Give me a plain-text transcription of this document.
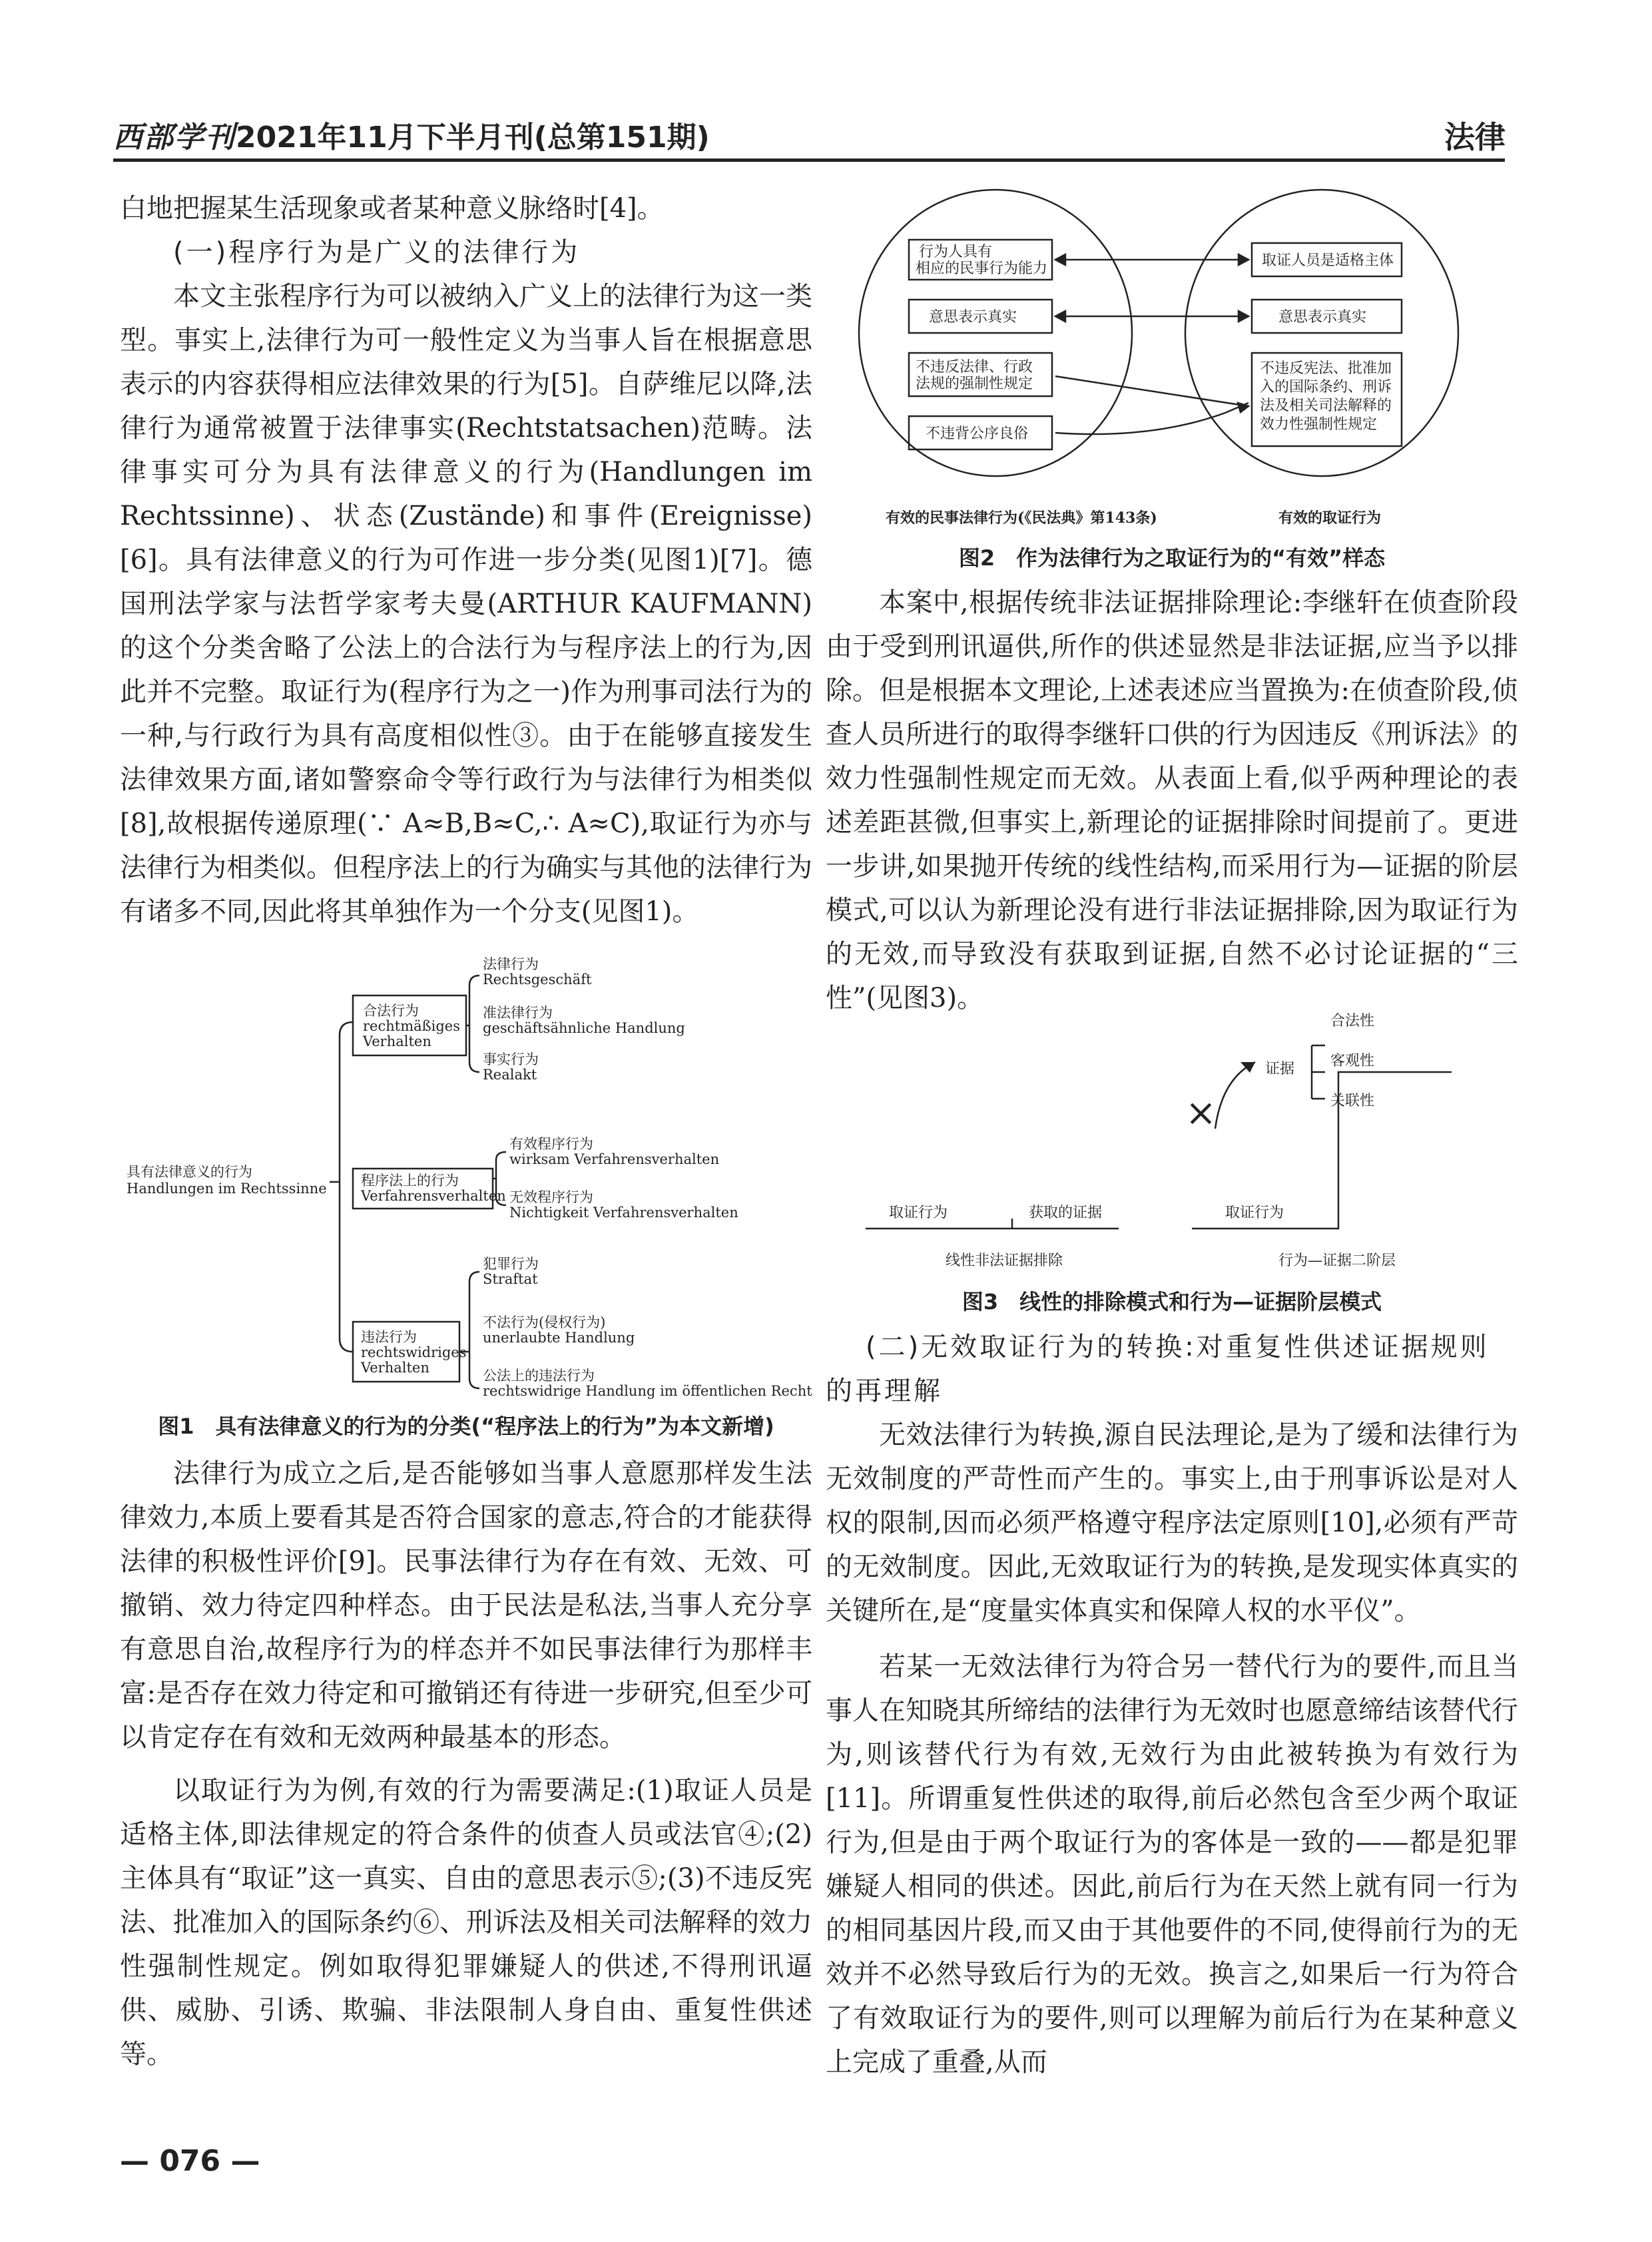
西部学刊2021年11月下半月刊(总第151期)	法律

白地把握某生活现象或者某种意义脉络时[4]。

(一)程序行为是广义的法律行为

本文主张程序行为可以被纳入广义上的法律行为这一类型。事实上,法律行为可一般性定义为当事人旨在根据意思表示的内容获得相应法律效果的行为[5]。自萨维尼以降,法律行为通常被置于法律事实(Rechtstatsachen)范畴。法律事实可分为具有法律意义的行为(Handlungen im Rechtssinne)、状态(Zustände)和事件(Ereignisse)[6]。具有法律意义的行为可作进一步分类(见图1)[7]。德国刑法学家与法哲学家考夫曼(ARTHUR KAUFMANN)的这个分类舍略了公法上的合法行为与程序法上的行为,因此并不完整。取证行为(程序行为之一)作为刑事司法行为的一种,与行政行为具有高度相似性③。由于在能够直接发生法律效果方面,诸如警察命令等行政行为与法律行为相类似[8],故根据传递原理(∵ A≈B,B≈C,∴ A≈C),取证行为亦与法律行为相类似。但程序法上的行为确实与其他的法律行为有诸多不同,因此将其单独作为一个分支(见图1)。

具有法律意义的行为
Handlungen im Rechtssinne
合法行为
rechtmäßiges
Verhalten
程序法上的行为
Verfahrensverhalten
违法行为
rechtswidriges
Verhalten
法律行为
Rechtsgeschäft
准法律行为
geschäftsähnliche Handlung
事实行为
Realakt
有效程序行为
wirksam Verfahrensverhalten
无效程序行为
Nichtigkeit Verfahrensverhalten
犯罪行为
Straftat
不法行为(侵权行为)
unerlaubte Handlung
公法上的违法行为
rechtswidrige Handlung im öffentlichen Recht
图1　具有法律意义的行为的分类(“程序法上的行为”为本文新增)

法律行为成立之后,是否能够如当事人意愿那样发生法律效力,本质上要看其是否符合国家的意志,符合的才能获得法律的积极性评价[9]。民事法律行为存在有效、无效、可撤销、效力待定四种样态。由于民法是私法,当事人充分享有意思自治,故程序行为的样态并不如民事法律行为那样丰富:是否存在效力待定和可撤销还有待进一步研究,但至少可以肯定存在有效和无效两种最基本的形态。

以取证行为为例,有效的行为需要满足:(1)取证人员是适格主体,即法律规定的符合条件的侦查人员或法官④;(2)主体具有“取证”这一真实、自由的意思表示⑤;(3)不违反宪法、批准加入的国际条约⑥、刑诉法及相关司法解释的效力性强制性规定。例如取得犯罪嫌疑人的供述,不得刑讯逼供、威胁、引诱、欺骗、非法限制人身自由、重复性供述等。

行为人具有
相应的民事行为能力
意思表示真实
不违反法律、行政
法规的强制性规定
不违背公序良俗
取证人员是适格主体
意思表示真实
不违反宪法、批准加
入的国际条约、刑诉
法及相关司法解释的
效力性强制性规定
有效的民事法律行为(《民法典》第143条)	有效的取证行为
图2　作为法律行为之取证行为的“有效”样态

本案中,根据传统非法证据排除理论:李继轩在侦查阶段由于受到刑讯逼供,所作的供述显然是非法证据,应当予以排除。但是根据本文理论,上述表述应当置换为:在侦查阶段,侦查人员所进行的取得李继轩口供的行为因违反《刑诉法》的效力性强制性规定而无效。从表面上看,似乎两种理论的表述差距甚微,但事实上,新理论的证据排除时间提前了。更进一步讲,如果抛开传统的线性结构,而采用行为—证据的阶层模式,可以认为新理论没有进行非法证据排除,因为取证行为的无效,而导致没有获取到证据,自然不必讨论证据的“三性”(见图3)。

证据
合法性
客观性
关联性
取证行为	获取的证据	取证行为
线性非法证据排除	行为—证据二阶层
×
图3　线性的排除模式和行为—证据阶层模式

(二)无效取证行为的转换:对重复性供述证据规则

的再理解

无效法律行为转换,源自民法理论,是为了缓和法律行为无效制度的严苛性而产生的。事实上,由于刑事诉讼是对人权的限制,因而必须严格遵守程序法定原则[10],必须有严苛的无效制度。因此,无效取证行为的转换,是发现实体真实的关键所在,是“度量实体真实和保障人权的水平仪”。

若某一无效法律行为符合另一替代行为的要件,而且当事人在知晓其所缔结的法律行为无效时也愿意缔结该替代行为,则该替代行为有效,无效行为由此被转换为有效行为[11]。所谓重复性供述的取得,前后必然包含至少两个取证行为,但是由于两个取证行为的客体是一致的——都是犯罪嫌疑人相同的供述。因此,前后行为在天然上就有同一行为的相同基因片段,而又由于其他要件的不同,使得前行为的无效并不必然导致后行为的无效。换言之,如果后一行为符合了有效取证行为的要件,则可以理解为前后行为在某种意义上完成了重叠,从而

— 076 —
